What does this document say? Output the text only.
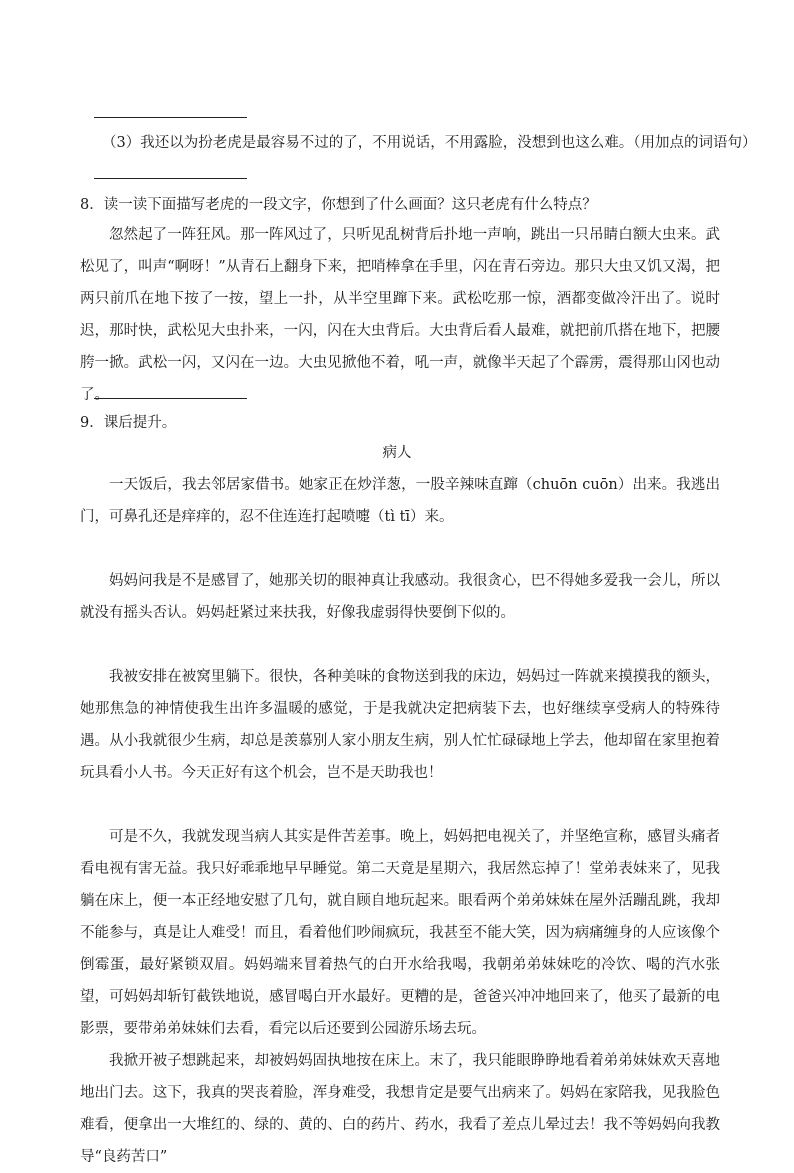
（3）我还以为扮老虎是最容易不过的了，不用说话，不用露脸，没想到也这么难。（用加点的词语句）
8．读一读下面描写老虎的一段文字，你想到了什么画面？这只老虎有什么特点？

忽然起了一阵狂风。那一阵风过了，只听见乱树背后扑地一声响，跳出一只吊睛白额大虫来。武松见了，叫声“啊呀！”从青石上翻身下来，把哨棒拿在手里，闪在青石旁边。那只大虫又饥又渴，把两只前爪在地下按了一按，望上一扑，从半空里蹿下来。武松吃那一惊，酒都变做冷汗出了。说时迟，那时快，武松见大虫扑来，一闪，闪在大虫背后。大虫背后看人最难，就把前爪搭在地下，把腰胯一掀。武松一闪，又闪在一边。大虫见掀他不着，吼一声，就像半天起了个霹雳，震得那山冈也动了。

9．课后提升。
病人

一天饭后，我去邻居家借书。她家正在炒洋葱，一股辛辣味直蹿（chuōn cuōn）出来。我逃出门，可鼻孔还是痒痒的，忍不住连连打起喷嚏（tì tī）来。

妈妈问我是不是感冒了，她那关切的眼神真让我感动。我很贪心，巴不得她多爱我一会儿，所以就没有摇头否认。妈妈赶紧过来扶我，好像我虚弱得快要倒下似的。

我被安排在被窝里躺下。很快，各种美味的食物送到我的床边，妈妈过一阵就来摸摸我的额头，她那焦急的神情使我生出许多温暖的感觉，于是我就决定把病装下去，也好继续享受病人的特殊待遇。从小我就很少生病，却总是羡慕别人家小朋友生病，别人忙忙碌碌地上学去，他却留在家里抱着玩具看小人书。今天正好有这个机会，岂不是天助我也！

可是不久，我就发现当病人其实是件苦差事。晚上，妈妈把电视关了，并坚绝宣称，感冒头痛者看电视有害无益。我只好乖乖地早早睡觉。第二天竟是星期六，我居然忘掉了！堂弟表妹来了，见我躺在床上，便一本正经地安慰了几句，就自顾自地玩起来。眼看两个弟弟妹妹在屋外活蹦乱跳，我却不能参与，真是让人难受！而且，看着他们吵闹疯玩，我甚至不能大笑，因为病痛缠身的人应该像个倒霉蛋，最好紧锁双眉。妈妈端来冒着热气的白开水给我喝，我朝弟弟妹妹吃的冷饮、喝的汽水张望，可妈妈却斩钉截铁地说，感冒喝白开水最好。更糟的是，爸爸兴冲冲地回来了，他买了最新的电影票，要带弟弟妹妹们去看，看完以后还要到公园游乐场去玩。

我掀开被子想跳起来，却被妈妈固执地按在床上。末了，我只能眼睁睁地看着弟弟妹妹欢天喜地地出门去。这下，我真的哭丧着脸，浑身难受，我想肯定是要气出病来了。妈妈在家陪我，见我脸色难看，便拿出一大堆红的、绿的、黄的、白的药片、药水，我看了差点儿晕过去！我不等妈妈向我教导“良药苦口”
